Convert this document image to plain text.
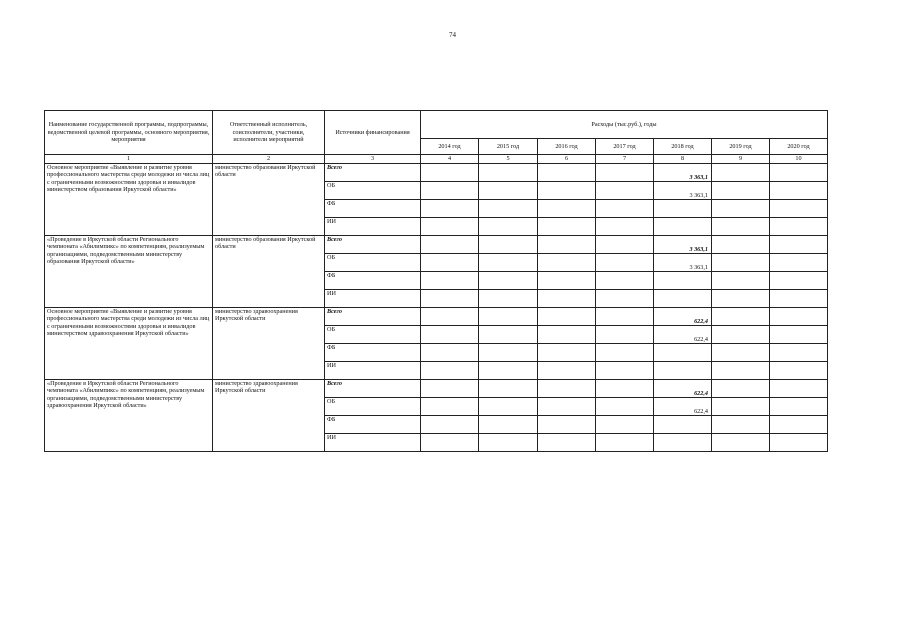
74
Наименование государственной программы, подпрограммы, ведомственной целевой программы, основного мероприятия, мероприятия	Ответственный исполнитель, соисполнители, участники, исполнители мероприятий	Источники финансирования	Расходы (тыс.руб.), годы						
			2014 год	2015 год	2016 год	2017 год	2018 год	2019 год	2020 год
1	2	3	4	5	6	7	8	9	10
Основное мероприятие «Выявление и развитие уровня профессионального мастерства среди молодежи из числа лиц с ограниченными возможностями здоровья и инвалидов министерством образования Иркутской области»	министерство образования Иркутской области	Всего					3 363,1		
		ОБ					3 363,1		
		ФБ							
		ИИ							
«Проведение в Иркутской области Регионального чемпионата «Абилимпикс» по компетенциям, реализуемым организациями, подведомственными министерству образования Иркутской области»	министерство образования Иркутской области	Всего					3 363,1		
		ОБ					3 363,1		
		ФБ							
		ИИ							
Основное мероприятие «Выявление и развитие уровня профессионального мастерства среди молодежи из числа лиц с ограниченными возможностями здоровья и инвалидов министерством здравоохранения Иркутской области»	министерство здравоохранения Иркутской области	Всего					622,4		
		ОБ					622,4		
		ФБ							
		ИИ							
«Проведение в Иркутской области Регионального чемпионата «Абилимпикс» по компетенциям, реализуемым организациями, подведомственными министерству здравоохранения Иркутской области»	министерство здравоохранения Иркутской области	Всего					622,4		
		ОБ					622,4		
		ФБ							
		ИИ							
